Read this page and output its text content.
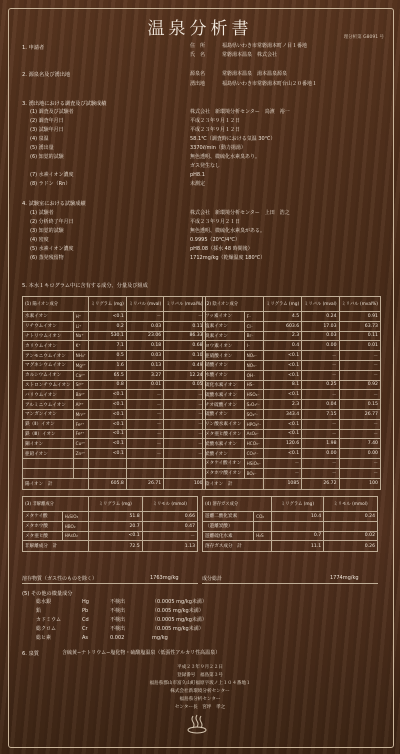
温泉分析書	理分析第 G8091 号
1. 申請者	住　所	福島県いわき市常磐湯本町ノ目１番地
氏　名	常磐湯本温泉　株式会社
2. 源泉名及び湧出地	源泉名	常磐湯本温泉　湯本温泉源泉
湧出地	福島県いわき市常磐湯本町台山２０番地１
3. 湧出地における調査及び試験成績
(1) 調査及び試験者	株式会社　新環境分析センター　鳥濱　裕一
(2) 調査年月日	平成２３年９月１２日
(3) 試験年月日	平成２３年９月１２日
(4) 泉温	58.1℃（調査時における気温 30℃）
(5) 湧出量	3370ℓ/min（動力揚湯）
(6) 知覚的試験	無色透明、微硫化水素臭あり。
ガス発生なし
(7) 水素イオン濃度	pH8.1
(8) ラドン（Rn）	未測定
4. 試験室における試験成績
(1) 試験者	株式会社　新環境分析センター　上田　浩之
(2) 分析終了年月日	平成２３年９月２１日
(3) 知覚的試験	無色透明、微硫化水素臭がある。
(4) 密度	0.9995（20℃/4℃）
(5) 水素イオン濃度	pH8.08（採水 48 時間後）
(6) 蒸発残留物	1712mg/kg（乾燥温度 180℃）
5. 本水１キログラム中に含有する成分、分量及び組成
(1) 陽イオン成分		ミリグラム (mg)	ミリバル (mval)	ミリバル (mval%)
水素イオン	H⁺	<0.1	－	－
リチウムイオン	Li⁺	0.2	0.03	0.11
ナトリウムイオン	Na⁺	530.1	23.06	86.33
カリウムイオン	K⁺	7.1	0.18	0.68
アンモニウムイオン	NH₄⁺	0.5	0.03	0.10
マグネシウムイオン	Mg²⁺	1.6	0.13	0.49
カルシウムイオン	Ca²⁺	65.5	3.27	12.24
ストロンチウムイオン	Sr²⁺	0.8	0.01	0.05
バリウムイオン	Ba²⁺	<0.1	－	－
アルミニウムイオン	Al³⁺	<0.1	－	－
マンガンイオン	Mn²⁺	<0.1	－	－
鉄（Ⅱ）イオン	Fe²⁺	<0.1	－	－
鉄（Ⅲ）イオン	Fe³⁺	<0.1	－	－
銅イオン	Cu²⁺	<0.1	－	－
亜鉛イオン	Zn²⁺	<0.1	－	－

陽イオン　計		605.8	26.71	100
(2) 陰イオン成分		ミリグラム (mg)	ミリバル (mval)	ミリバル (mval%)
フッ素イオン	F⁻	4.5	0.24	0.91
塩素イオン	Cl⁻	603.6	17.03	63.73
臭素イオン	Br⁻	2.3	0.03	0.11
ヨウ素イオン	I⁻	0.4	0.00	0.01
亜硝酸イオン	NO₂⁻	<0.1	－	－
硝酸イオン	NO₃⁻	<0.1	－	－
水酸イオン	OH⁻	<0.1	－	－
硫化水素イオン	HS⁻	8.1	0.25	0.92
硫酸水素イオン	HSO₄⁻	<0.1	－	－
チオ硫酸イオン	S₂O₃²⁻	2.3	0.04	0.15
硫酸イオン	SO₄²⁻	343.4	7.15	26.77
リン酸水素イオン	HPO₄²⁻	<0.1	－	－
メタ亜ヒ酸イオン	AsO₂⁻	<0.1	－	－
炭酸水素イオン	HCO₃⁻	120.6	1.98	7.40
炭酸イオン	CO₃²⁻	<0.1	0.00	0.00
メタケイ酸イオン	HSiO₃⁻	－	－	－
メタホウ酸イオン	BO₂⁻	－	－	－
陰イオン　計		1085	26.72	100
(3) 非解離成分		ミリグラム (mg)	ミリモル (mmol)
メタケイ酸	H₂SiO₃	51.8	0.66
メタホウ酸	HBO₂	20.7	0.47
メタ亜ヒ酸	HAsO₂	<0.1	－
非解離成分　計		72.5	1.13
(4) 溶存ガス成分		ミリグラム (mg)	ミリモル (mmol)
遊離二酸化炭素	CO₂	10.4	0.24
（遊離炭酸）			
遊離硫化水素	H₂S	0.7	0.02
溶存ガス成分　計		11.1	0.26
溶存物質（ガス性のものを除く）	1763mg/kg	成分総計	1774mg/kg
(5) その他の微量成分
総水銀	Hg	不検出	（0.0005 mg/kg未満）
鉛	Pb	不検出	（0.005 mg/kg未満）
カドミウム	Cd	不検出	（0.0005 mg/kg未満）
総クロム	Cr	不検出	（0.005 mg/kg未満）
総ヒ素	As	0.002	mg/kg
6. 泉質	含硫黄−ナトリウム−塩化物・硫酸塩温泉（低張性アルカリ性高温泉）
平成２３年９月２２日
登録番号　福島第３号
福島県郡山市富久山町福原字坂ノ上１０４番地１
株式会社新環境分析センター
福島県分析センター
センター長　宮坪　孝之
